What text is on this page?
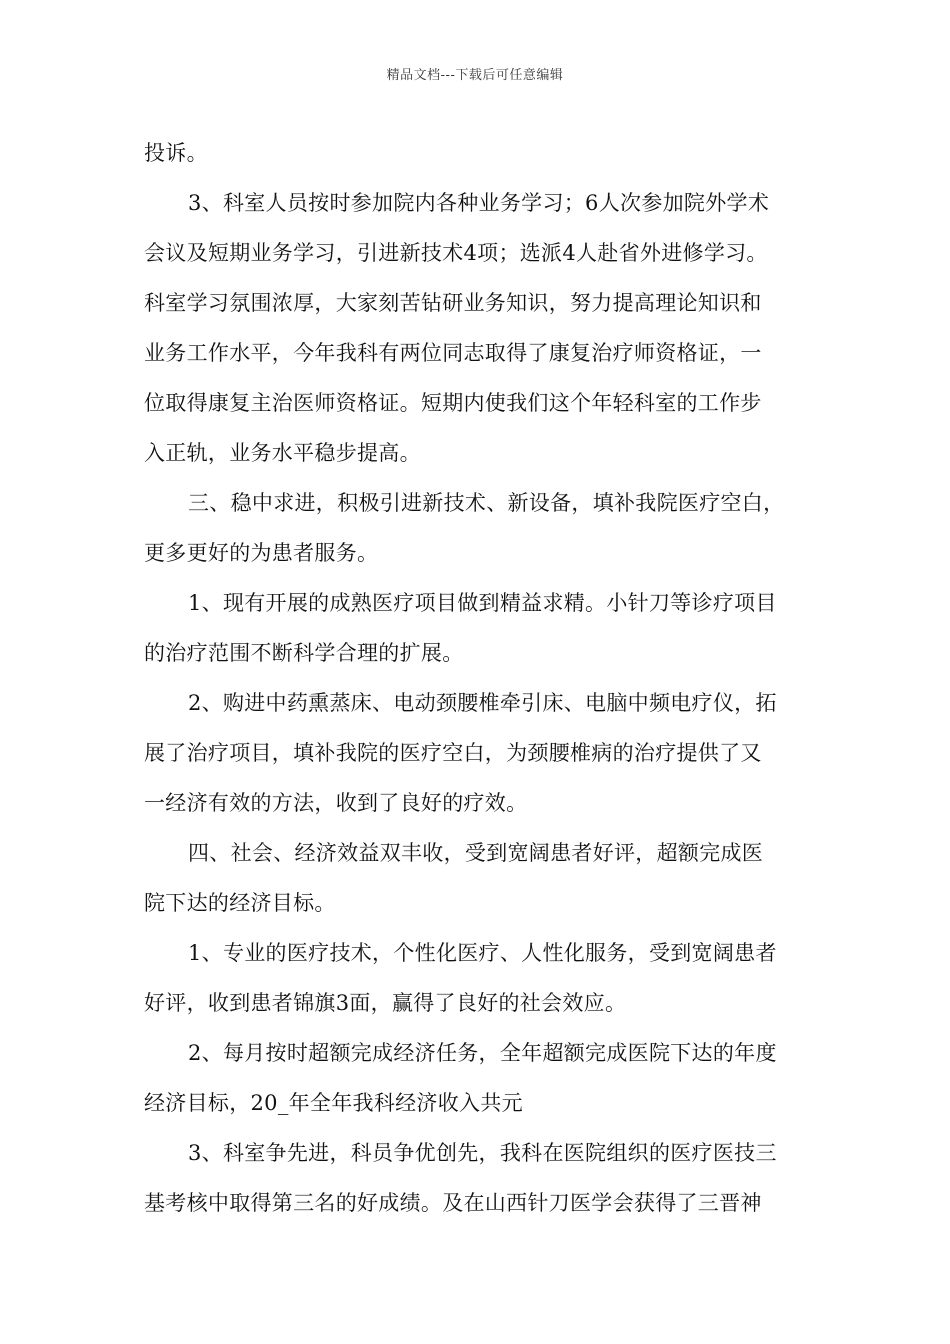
精品文档---下载后可任意编辑
投诉。
3、科室人员按时参加院内各种业务学习；6人次参加院外学术
会议及短期业务学习，引进新技术4项；选派4人赴省外进修学习。
科室学习氛围浓厚，大家刻苦钻研业务知识，努力提高理论知识和
业务工作水平，今年我科有两位同志取得了康复治疗师资格证，一
位取得康复主治医师资格证。短期内使我们这个年轻科室的工作步
入正轨，业务水平稳步提高。
三、稳中求进，积极引进新技术、新设备，填补我院医疗空白，
更多更好的为患者服务。
1、现有开展的成熟医疗项目做到精益求精。小针刀等诊疗项目
的治疗范围不断科学合理的扩展。
2、购进中药熏蒸床、电动颈腰椎牵引床、电脑中频电疗仪，拓
展了治疗项目，填补我院的医疗空白，为颈腰椎病的治疗提供了又
一经济有效的方法，收到了良好的疗效。
四、社会、经济效益双丰收，受到宽阔患者好评，超额完成医
院下达的经济目标。
1、专业的医疗技术，个性化医疗、人性化服务，受到宽阔患者
好评，收到患者锦旗3面，赢得了良好的社会效应。
2、每月按时超额完成经济任务，全年超额完成医院下达的年度
经济目标，20_年全年我科经济收入共元
3、科室争先进，科员争优创先，我科在医院组织的医疗医技三
基考核中取得第三名的好成绩。及在山西针刀医学会获得了三晋神
